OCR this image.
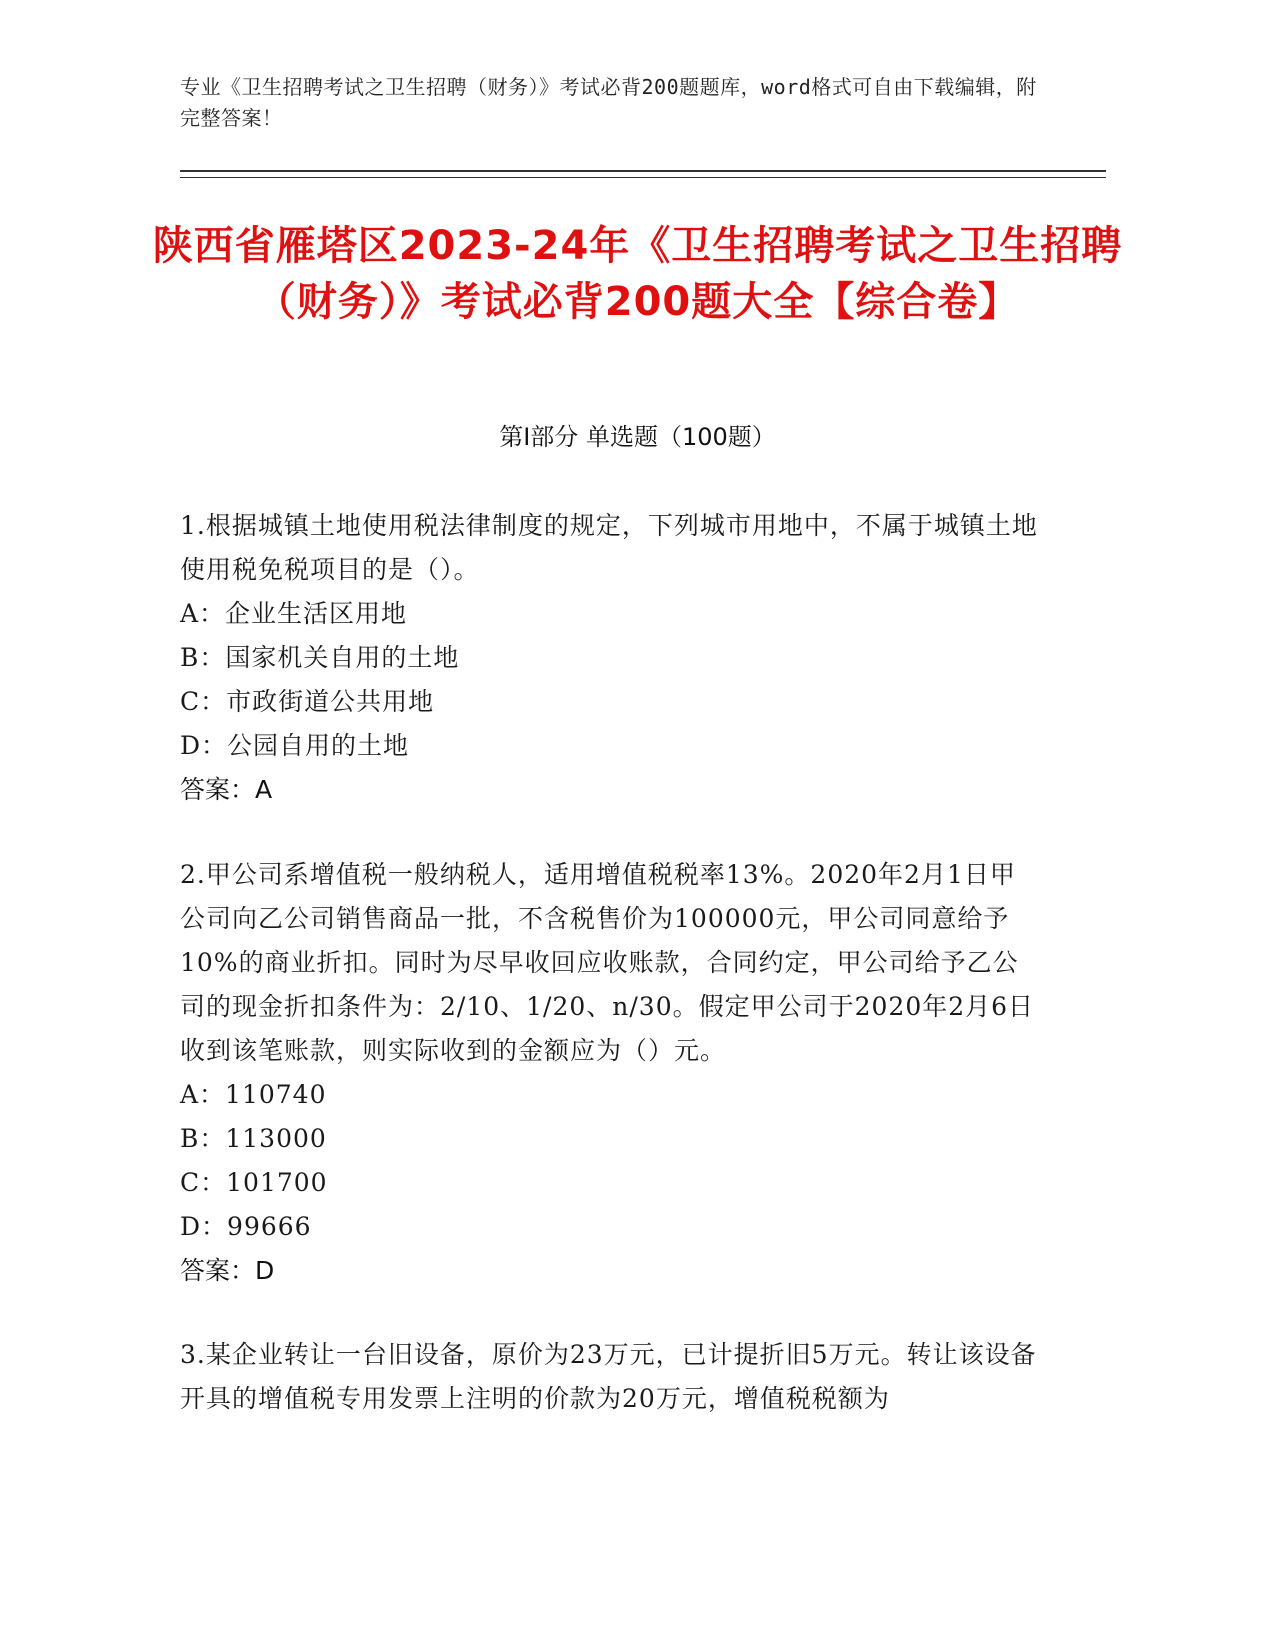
专业《卫生招聘考试之卫生招聘（财务）》考试必背200题题库，word格式可自由下载编辑，附完整答案！
陕西省雁塔区2023-24年《卫生招聘考试之卫生招聘（财务）》考试必背200题大全【综合卷】
第Ⅰ部分 单选题（100题）

1.根据城镇土地使用税法律制度的规定，下列城市用地中，不属于城镇土地使用税免税项目的是（）。

A：企业生活区用地

B：国家机关自用的土地

C：市政街道公共用地

D：公园自用的土地

答案：A

2.甲公司系增值税一般纳税人，适用增值税税率13%。2020年2月1日甲公司向乙公司销售商品一批，不含税售价为100000元，甲公司同意给予10%的商业折扣。同时为尽早收回应收账款，合同约定，甲公司给予乙公司的现金折扣条件为：2/10、1/20、n/30。假定甲公司于2020年2月6日收到该笔账款，则实际收到的金额应为（）元。

A：110740

B：113000

C：101700

D：99666

答案：D

3.某企业转让一台旧设备，原价为23万元，已计提折旧5万元。转让该设备开具的增值税专用发票上注明的价款为20万元，增值税税额为
